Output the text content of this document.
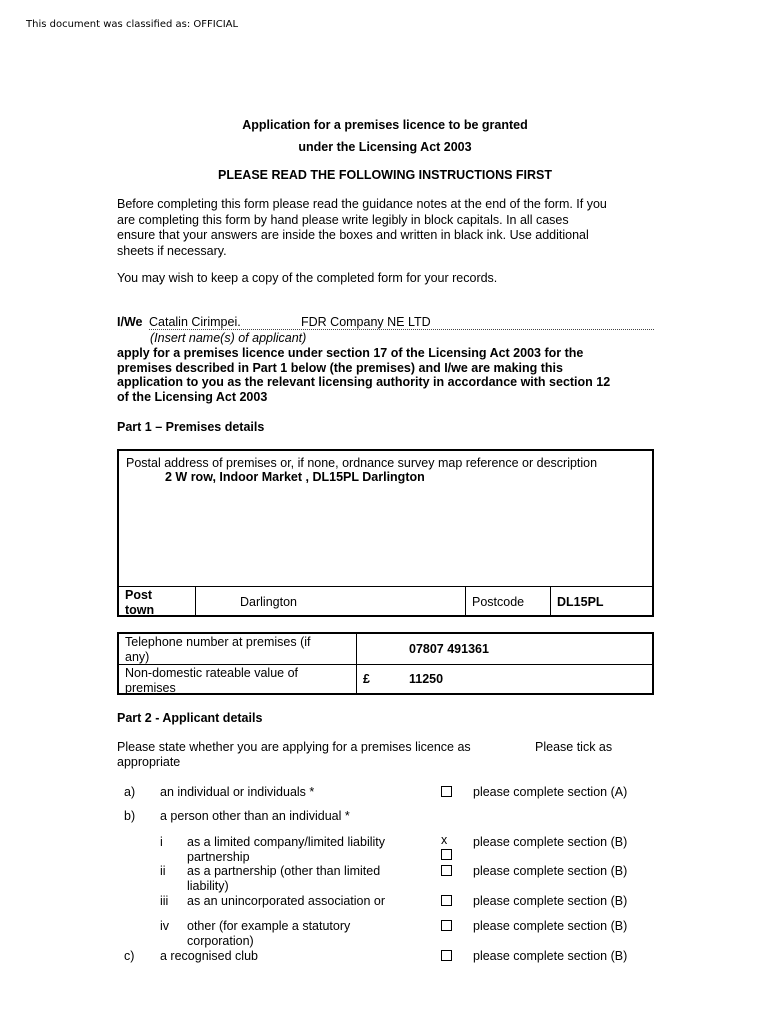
This document was classified as: OFFICIAL
Application for a premises licence to be granted
under the Licensing Act 2003
PLEASE READ THE FOLLOWING INSTRUCTIONS FIRST
Before completing this form please read the guidance notes at the end of the form. If you
are completing this form by hand please write legibly in block capitals. In all cases
ensure that your answers are inside the boxes and written in black ink. Use additional
sheets if necessary.
You may wish to keep a copy of the completed form for your records.
I/We Catalin Cirimpei.	FDR Company NE LTD
(Insert name(s) of applicant)
apply for a premises licence under section 17 of the Licensing Act 2003 for the
premises described in Part 1 below (the premises) and I/we are making this
application to you as the relevant licensing authority in accordance with section 12
of the Licensing Act 2003
Part 1 – Premises details
Postal address of premises or, if none, ordnance survey map reference or description
2 W row, Indoor Market , DL15PL Darlington
Post
town
Darlington	Postcode	DL15PL
Telephone number at premises (if
any)
07807 491361
Non-domestic rateable value of
premises
£	11250
Part 2 - Applicant details
Please state whether you are applying for a premises licence as
appropriate
Please tick as
a) an individual or individuals *	please complete section (A)
b) a person other than an individual *
i as a limited company/limited liability
partnership
x please complete section (B)
ii as a partnership (other than limited
liability)
please complete section (B)
iii as an unincorporated association or	please complete section (B)
iv other (for example a statutory
corporation)
please complete section (B)
c) a recognised club	please complete section (B)
